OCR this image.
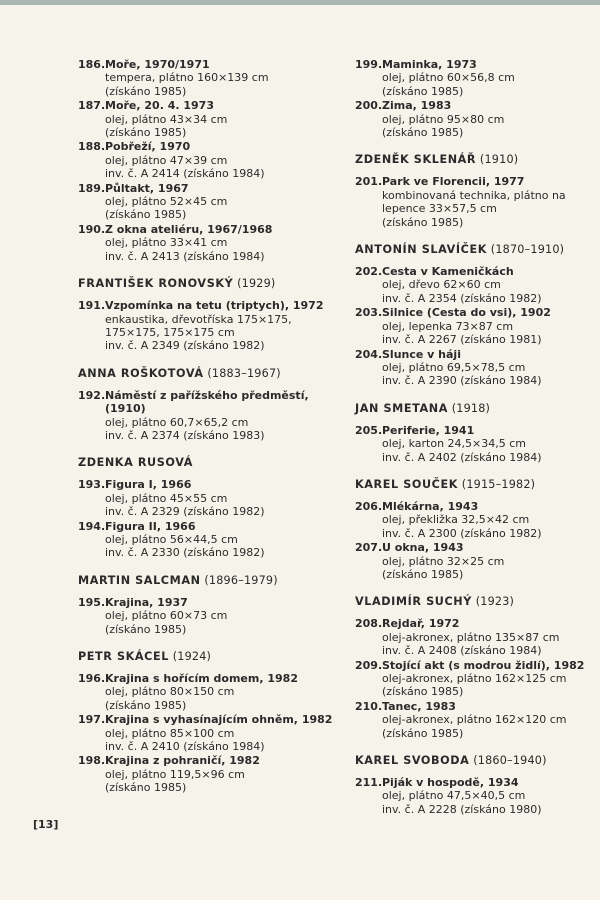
186. Moře, 1970/1971
tempera, plátno 160×139 cm
(získáno 1985)
187. Moře, 20. 4. 1973
olej, plátno 43×34 cm
(získáno 1985)
188. Pobřeží, 1970
olej, plátno 47×39 cm
inv. č. A 2414 (získáno 1984)
189. Půltakt, 1967
olej, plátno 52×45 cm
(získáno 1985)
190. Z okna ateliéru, 1967/1968
olej, plátno 33×41 cm
inv. č. A 2413 (získáno 1984)
FRANTIŠEK RONOVSKÝ (1929)
191. Vzpomínka na tetu (triptych), 1972
enkaustika, dřevotříska 175×175,
175×175, 175×175 cm
inv. č. A 2349 (získáno 1982)
ANNA ROŠKOTOVÁ (1883–1967)
192. Náměstí z pařížského předměstí, (1910)
olej, plátno 60,7×65,2 cm
inv. č. A 2374 (získáno 1983)
ZDENKA RUSOVÁ
193. Figura I, 1966
olej, plátno 45×55 cm
inv. č. A 2329 (získáno 1982)
194. Figura II, 1966
olej, plátno 56×44,5 cm
inv. č. A 2330 (získáno 1982)
MARTIN SALCMAN (1896–1979)
195. Krajina, 1937
olej, plátno 60×73 cm
(získáno 1985)
PETR SKÁCEL (1924)
196. Krajina s hořícím domem, 1982
olej, plátno 80×150 cm
(získáno 1985)
197. Krajina s vyhasínajícím ohněm, 1982
olej, plátno 85×100 cm
inv. č. A 2410 (získáno 1984)
198. Krajina z pohraničí, 1982
olej, plátno 119,5×96 cm
(získáno 1985)
199. Maminka, 1973
olej, plátno 60×56,8 cm
(získáno 1985)
200. Zima, 1983
olej, plátno 95×80 cm
(získáno 1985)
ZDENĚK SKLENÁŘ (1910)
201. Park ve Florencii, 1977
kombinovaná technika, plátno na
lepence 33×57,5 cm
(získáno 1985)
ANTONÍN SLAVÍČEK (1870–1910)
202. Cesta v Kameničkách
olej, dřevo 62×60 cm
inv. č. A 2354 (získáno 1982)
203. Silnice (Cesta do vsi), 1902
olej, lepenka 73×87 cm
inv. č. A 2267 (získáno 1981)
204. Slunce v háji
olej, plátno 69,5×78,5 cm
inv. č. A 2390 (získáno 1984)
JAN SMETANA (1918)
205. Periferie, 1941
olej, karton 24,5×34,5 cm
inv. č. A 2402 (získáno 1984)
KAREL SOUČEK (1915–1982)
206. Mlékárna, 1943
olej, překližka 32,5×42 cm
inv. č. A 2300 (získáno 1982)
207. U okna, 1943
olej, plátno 32×25 cm
(získáno 1985)
VLADIMÍR SUCHÝ (1923)
208. Rejdař, 1972
olej-akronex, plátno 135×87 cm
inv. č. A 2408 (získáno 1984)
209. Stojící akt (s modrou židlí), 1982
olej-akronex, plátno 162×125 cm
(získáno 1985)
210. Tanec, 1983
olej-akronex, plátno 162×120 cm
(získáno 1985)
KAREL SVOBODA (1860–1940)
211. Piják v hospodě, 1934
olej, plátno 47,5×40,5 cm
inv. č. A 2228 (získáno 1980)
[13]
